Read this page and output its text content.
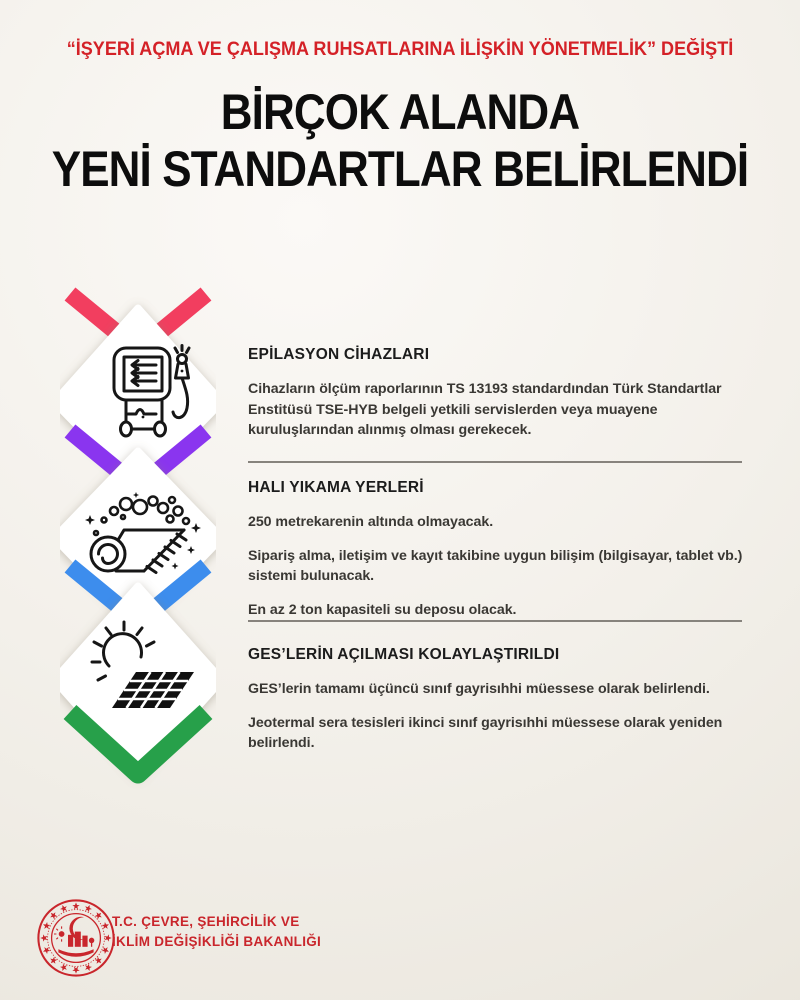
“İŞYERİ AÇMA VE ÇALIŞMA RUHSATLARINA İLİŞKİN YÖNETMELİK” DEĞİŞTİ
BİRÇOK ALANDA
YENİ STANDARTLAR BELİRLENDİ
EPİLASYON CİHAZLARI

Cihazların ölçüm raporlarının TS 13193 standardından Türk Standartlar Enstitüsü TSE-HYB belgeli yetkili servislerden veya muayene kuruluşlarından alınmış olması gerekecek.

HALI YIKAMA YERLERİ

250 metrekarenin altında olmayacak.

Sipariş alma, iletişim ve kayıt takibine uygun bilişim (bilgisayar, tablet vb.) sistemi bulunacak.

En az 2 ton kapasiteli su deposu olacak.

GES’LERİN AÇILMASI KOLAYLAŞTIRILDI

GES’lerin tamamı üçüncü sınıf gayrisıhhi müessese olarak belirlendi.

Jeotermal sera tesisleri ikinci sınıf gayrisıhhi müessese olarak yeniden belirlendi.

T.C. ÇEVRE, ŞEHİRCİLİK VE
İKLİM DEĞİŞİKLİĞİ BAKANLIĞI
